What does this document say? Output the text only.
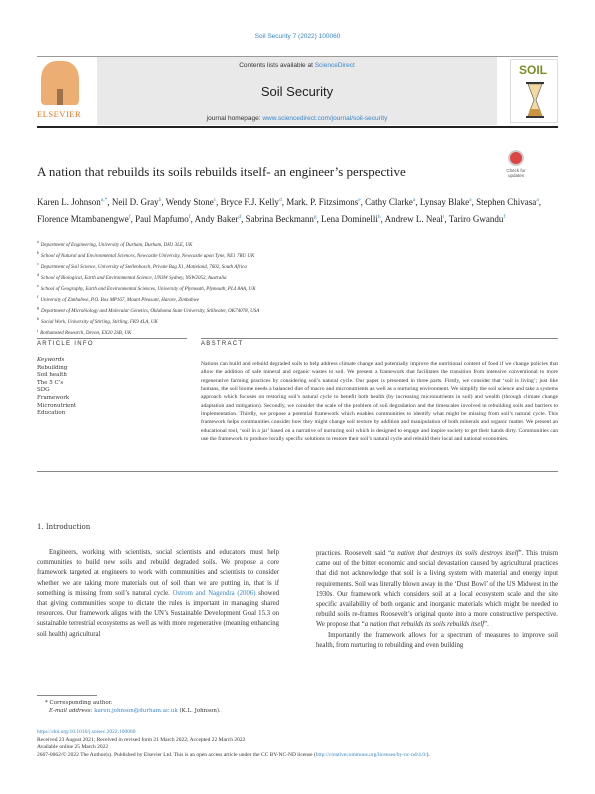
Soil Security 7 (2022) 100060
ELSEVIER
Contents lists available at ScienceDirect
Soil Security
journal homepage: www.sciencedirect.com/journal/soil-security
SOIL
A nation that rebuilds its soils rebuilds itself- an engineer’s perspective	Check for updates
Karen L. Johnson$^{a,*}$, Neil D. Gray$^b$, Wendy Stone$^c$, Bryce F.J. Kelly$^d$, Mark. P. Fitzsimons$^e$, Cathy Clarke$^a$, Lynsay Blake$^a$, Stephen Chivasa$^a$, Florence Mtambanengwe$^f$, Paul Mapfumo$^f$, Andy Baker$^d$, Sabrina Beckmann$^g$, Lena Dominelli$^h$, Andrew L. Neal$^i$, Tariro Gwandu$^f$
$^a$Department of Engineering, University of Durham, Durham, DH1 3LE, UK
$^b$School of Natural and Environmental Sciences, Newcastle University, Newcastle upon Tyne, NE1 7RU UK
$^c$Department of Soil Science, University of Stellenbosch, Private Bag X1, Matieland, 7602, South Africa
$^d$School of Biological, Earth and Environmental Science, UNSW Sydney, NSW2052, Australia
$^e$School of Geography, Earth and Environmental Sciences, University of Plymouth, Plymouth, PL4 8AA, UK
$^f$University of Zimbabwe, P.O. Box MP167, Mount Pleasant, Harare, Zimbabwe
$^g$Department of Microbiology and Molecular Genetics, Oklahoma State University, Stillwater, OK74078, USA
$^h$Social Work, University of Stirling, Stirling, FK9 4LA, UK
$^i$Rothamsted Research, Devon, EX20 2SB, UK
ARTICLE INFO	ABSTRACT
Keywords
Rebuilding
Soil health
The 5 C’s
SDG
Framework
Micronutrient
Education
Nations can build and rebuild degraded soils to help address climate change and potentially improve the nutritional content of food if we change policies that allow the addition of safe mineral and organic wastes to soil. We present a framework that facilitates the transition from intensive conventional to more regenerative farming practices by considering soil’s natural cycle. Our paper is presented in three parts. Firstly, we consider that ‘soil is living’; just like humans, the soil biome needs a balanced diet of macro and micronutrients as well as a nurturing environment. We simplify the soil science and take a systems approach which focuses on restoring soil’s natural cycle to benefit both health (by increasing micronutrients in soil) and wealth (through climate change adaptation and mitigation). Secondly, we consider the scale of the problem of soil degradation and the timescales involved in rebuilding soils and barriers to implementation. Thirdly, we propose a potential framework which enables communities to identify what might be missing from soil’s natural cycle. This framework helps communities consider how they might change soil texture by addition and manipulation of both minerals and organic matter. We present an educational tool, ‘soil in a jar’ based on a narrative of nurturing soil which is designed to engage and inspire society to get their hands dirty. Communities can use the framework to produce locally specific solutions to restore their soil’s natural cycle and rebuild their local and national economies.
1. Introduction

Engineers, working with scientists, social scientists and educators must help communities to build new soils and rebuild degraded soils. We propose a core framework targeted at engineers to work with communities and scientists to consider whether we are taking more materials out of soil than we are putting in, that is if something is missing from soil’s natural cycle. Ostrom and Nagendra (2006) showed that giving communities scope to dictate the rules is important in managing shared resources. Our framework aligns with the UN’s Sustainable Development Goal 15.3 on sustainable terrestrial ecosystems as well as with more regenerative (meaning enhancing soil health) agricultural

practices. Roosevelt said “a nation that destroys its soils destroys itself”. This truism came out of the bitter economic and social devastation caused by agricultural practices that did not acknowledge that soil is a living system with material and energy input requirements. Soil was literally blown away in the ‘Dust Bowl’ of the US Midwest in the 1930s. Our framework which considers soil at a local ecosystem scale and the site specific availability of both organic and inorganic materials which might be needed to rebuild soils re-frames Roosevelt’s original quote into a more constructive perspective. We propose that “a nation that rebuilds its soils rebuilds itself”.

Importantly the framework allows for a spectrum of measures to improve soil health, from nurturing to rebuilding and even building

* Corresponding author.
E-mail address: karen.johnson@durham.ac.uk (K.L. Johnson).
https://doi.org/10.1016/j.soisec.2022.100060
Received 23 August 2021; Received in revised form 21 March 2022; Accepted 22 March 2022
Available online 25 March 2022
2667-0062/© 2022 The Author(s). Published by Elsevier Ltd. This is an open access article under the CC BY-NC-ND license (http://creativecommons.org/licenses/by-nc-nd/4.0/).
